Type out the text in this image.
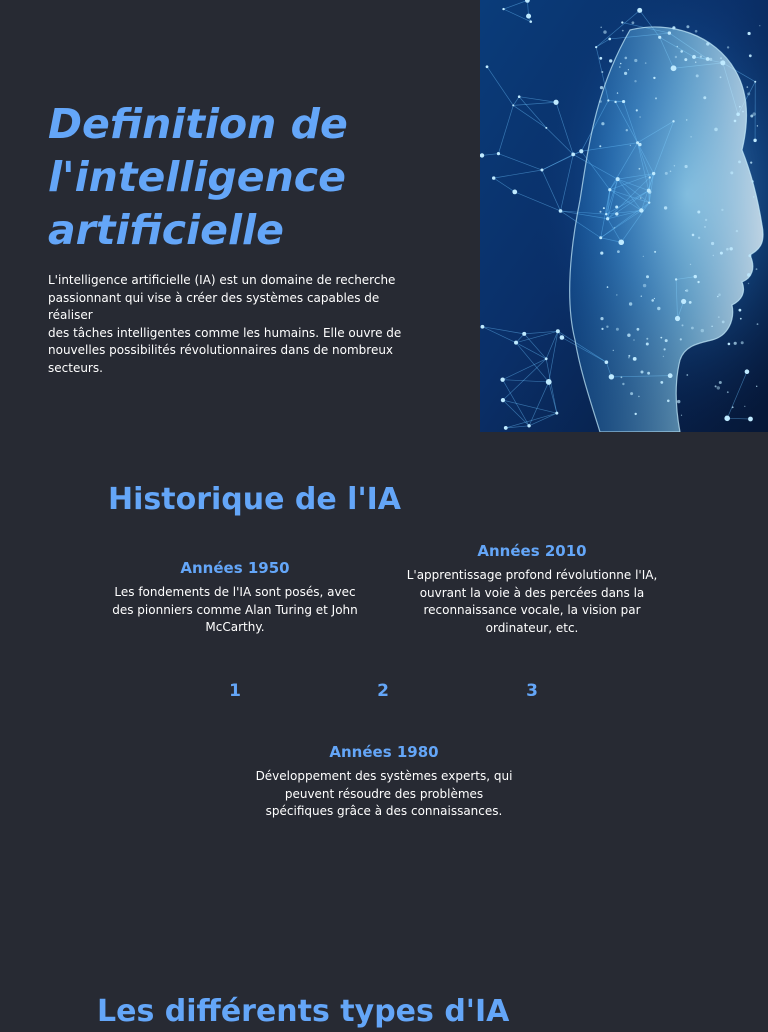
Definition de
l'intelligence
artificielle

L'intelligence artificielle (IA) est un domaine de recherche
passionnant qui vise à créer des systèmes capables de réaliser
des tâches intelligentes comme les humains. Elle ouvre de
nouvelles possibilités révolutionnaires dans de nombreux
secteurs.

Historique de l'IA
Années 1950

Les fondements de l'IA sont posés, avec
des pionniers comme Alan Turing et John
McCarthy.

Années 2010

L'apprentissage profond révolutionne l'IA,
ouvrant la voie à des percées dans la
reconnaissance vocale, la vision par
ordinateur, etc.

1	2	3
Années 1980

Développement des systèmes experts, qui
peuvent résoudre des problèmes
spécifiques grâce à des connaissances.

Les différents types d'IA
